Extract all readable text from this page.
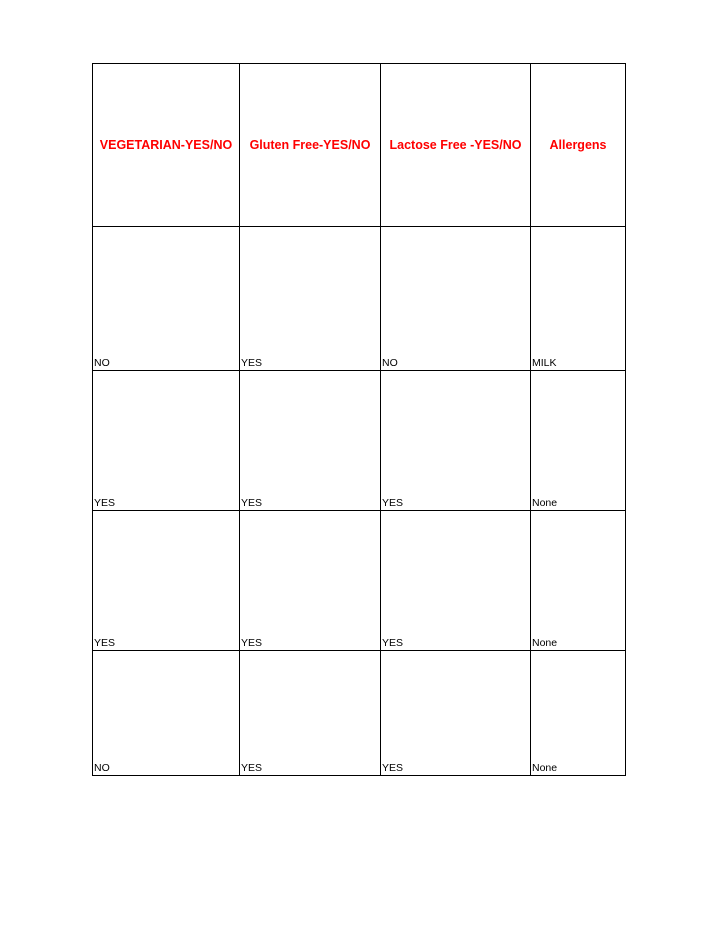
VEGETARIAN-YES/NO	Gluten Free-YES/NO	Lactose Free -YES/NO	Allergens
NO	YES	NO	MILK
YES	YES	YES	None
YES	YES	YES	None
NO	YES	YES	None
